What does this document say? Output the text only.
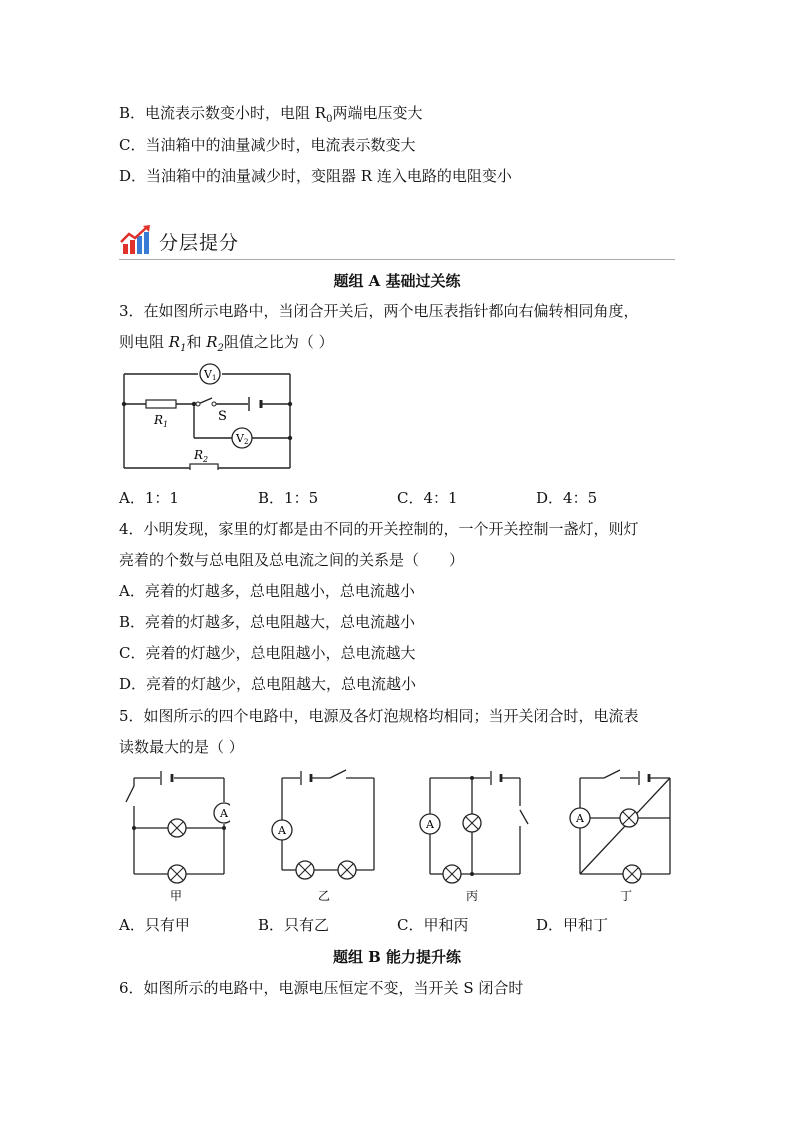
B．电流表示数变小时，电阻 $R_0$两端电压变大
C．当油箱中的油量减少时，电流表示数变大
D．当油箱中的油量减少时，变阻器 R 连入电路的电阻变小
分层提分
题组 A 基础过关练
3．在如图所示电路中，当闭合开关后，两个电压表指针都向右偏转相同角度，
则电阻 $R_1$和 $R_2$阻值之比为（ ）
S
$R_1$
$R_2$
V1
V2
A．1：1	B．1：5	C．4：1	D．4：5
4．小明发现，家里的灯都是由不同的开关控制的，一个开关控制一盏灯，则灯
亮着的个数与总电阻及总电流之间的关系是（　　）
A．亮着的灯越多，总电阻越小，总电流越小
B．亮着的灯越多，总电阻越大，总电流越小
C．亮着的灯越少，总电阻越小，总电流越大
D．亮着的灯越少，总电阻越大，总电流越小
5．如图所示的四个电路中，电源及各灯泡规格均相同；当开关闭合时，电流表
读数最大的是（ ）
A
甲
A
乙
A
丙
A
丁
A．只有甲	B．只有乙	C．甲和丙	D．甲和丁
题组 B 能力提升练
6．如图所示的电路中，电源电压恒定不变，当开关 S 闭合时
